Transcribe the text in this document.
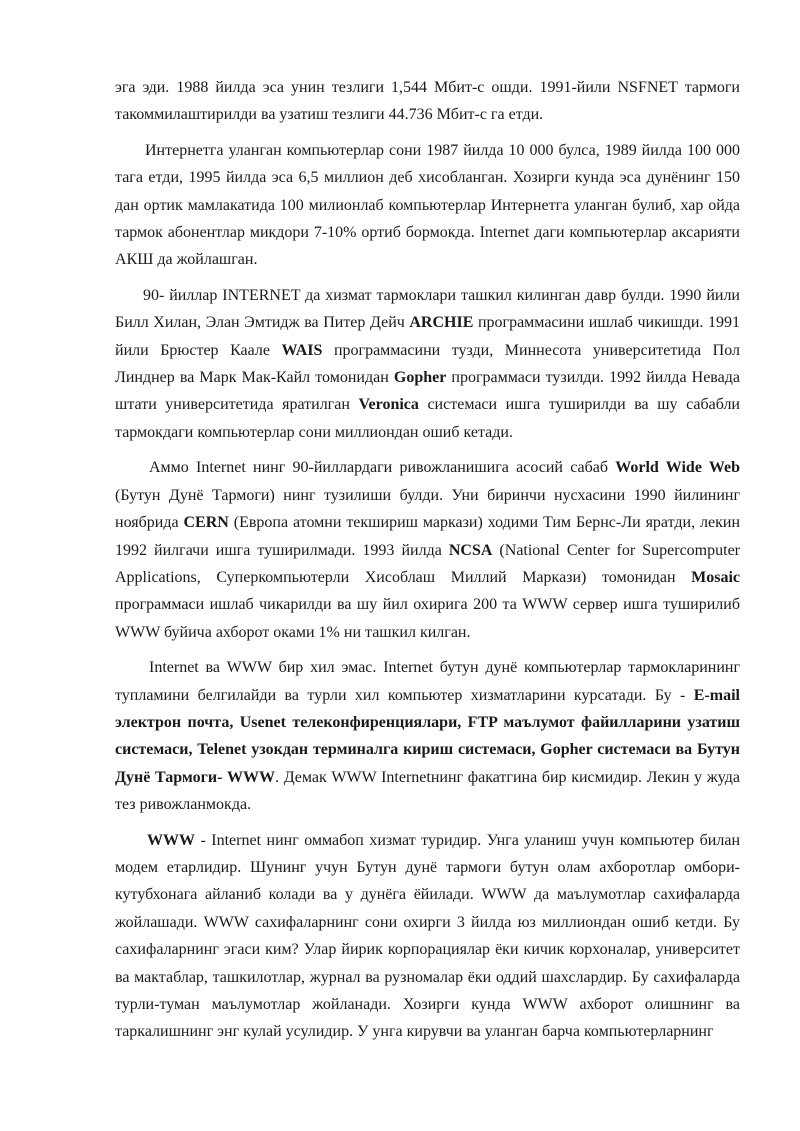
эга эди. 1988 йилда эса унин тезлиги 1,544 Мбит-с ошди. 1991-йили NSFNET тармоги такоммилаштирилди ва узатиш тезлиги 44.736 Мбит-с га етди.

Интернетга уланган компьютерлар сони 1987 йилда 10 000 булса, 1989 йилда 100 000 тага етди, 1995 йилда эса 6,5 миллион деб хисобланган. Хозирги кунда эса дунёнинг 150 дан ортик мамлакатида 100 милионлаб компьютерлар Интернетга уланган булиб, хар ойда тармок абонентлар микдори 7-10% ортиб бормокда. Internet даги компьютерлар аксарияти АКШ да жойлашган.

90- йиллар INTERNET да хизмат тармоклари ташкил килинган давр булди. 1990 йили Билл Хилан, Элан Эмтидж ва Питер Дейч ARCHIE программасини ишлаб чикишди. 1991 йили Брюстер Каале WAIS программасини тузди, Миннесота университетида Пол Линднер ва Марк Мак-Кайл томонидан Gopher программаси тузилди. 1992 йилда Невада штати университетида яратилган Veronica системаси ишга туширилди ва шу сабабли тармокдаги компьютерлар сони миллиондан ошиб кетади.

Аммо Internet нинг 90-йиллардаги ривожланишига асосий сабаб World Wide Web (Бутун Дунё Тармоги) нинг тузилиши булди. Уни биринчи нусхасини 1990 йилининг ноябрида CERN (Европа атомни текшириш маркази) ходими Тим Бернс-Ли яратди, лекин 1992 йилгачи ишга туширилмади. 1993 йилда NCSA (National Center for Supercomputer Applications, Суперкомпьютерли Хисоблаш Миллий Маркази) томонидан Mosaic программаси ишлаб чикарилди ва шу йил охирига 200 та WWW сервер ишга туширилиб WWW буйича ахборот оками 1% ни ташкил килган.

Internet ва WWW бир хил эмас. Internet бутун дунё компьютерлар тармокларининг тупламини белгилайди ва турли хил компьютер хизматларини курсатади. Бу - E-mail электрон почта, Usenet телеконфиренциялари, FTP маълумот файилларини узатиш системаси, Telenet узокдан терминалга кириш системаси, Gopher системаси ва Бутун Дунё Тармоги- WWW. Демак WWW Internetнинг факатгина бир кисмидир. Лекин у жуда тез ривожланмокда.

WWW - Internet нинг оммабоп хизмат туридир. Унга уланиш учун компьютер билан модем етарлидир. Шунинг учун Бутун дунё тармоги бутун олам ахборотлар омбори-кутубхонага айланиб колади ва у дунёга ёйилади. WWW да маълумотлар сахифаларда жойлашади. WWW сахифаларнинг сони охирги 3 йилда юз миллиондан ошиб кетди. Бу сахифаларнинг эгаси ким? Улар йирик корпорациялар ёки кичик корхоналар, университет ва мактаблар, ташкилотлар, журнал ва рузномалар ёки оддий шахслардир. Бу сахифаларда турли-туман маълумотлар жойланади. Хозирги кунда WWW ахборот олишнинг ва таркалишнинг энг кулай усулидир. У унга кирувчи ва уланган барча компьютерларнинг
